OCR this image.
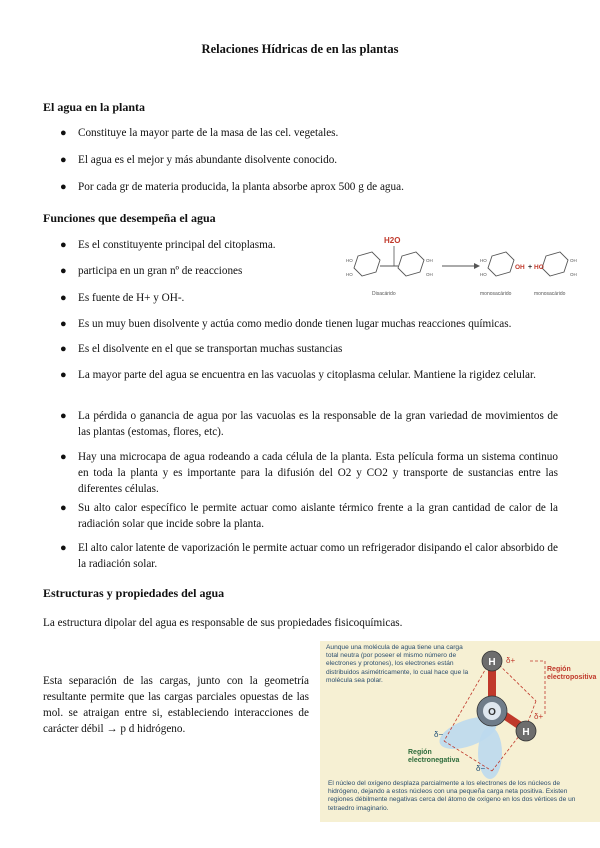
Relaciones Hídricas de en las plantas
El agua en la planta
● Constituye la mayor parte de la masa de las cel. vegetales.
● El agua es el mejor y más abundante disolvente conocido.
● Por cada gr de materia producida, la planta absorbe aprox 500 g de agua.
Funciones que desempeña el agua
● Es el constituyente principal del citoplasma.
● participa en un gran nº de reacciones
● Es fuente de H+ y OH-.
H2O
HO
HO
OH
OH
HO
HO
OH
OH
OH + HO
Disacárido	monosacárido	monosacárido
● Es un muy buen disolvente y actúa como medio donde tienen lugar muchas reacciones químicas.
● Es el disolvente en el que se transportan muchas sustancias
● La mayor parte del agua se encuentra en las vacuolas y citoplasma celular. Mantiene la rigidez celular.
● La pérdida o ganancia de agua por las vacuolas es la responsable de la gran variedad de movimientos de las plantas (estomas, flores, etc).
● Hay una microcapa de agua rodeando a cada célula de la planta. Esta película forma un sistema continuo en toda la planta y es importante para la difusión del O2 y CO2 y transporte de sustancias entre las diferentes células.
● Su alto calor específico le permite actuar como aislante térmico frente a la gran cantidad de calor de la radiación solar que incide sobre la planta.
● El alto calor latente de vaporización le permite actuar como un refrigerador disipando el calor absorbido de la radiación solar.
Estructuras y propiedades del agua
La estructura dipolar del agua es responsable de sus propiedades fisicoquímicas.
Esta separación de las cargas, junto con la geometría resultante permite que las cargas parciales opuestas de las mol. se atraigan entre si, estableciendo interacciones de carácter débil → p d hidrógeno.
Aunque una molécula de agua tiene una carga total neutra (por poseer el mismo número de electrones y protones), los electrones están distribuidos asimétricamente, lo cual hace que la molécula sea polar.
H
O
H
δ+
δ+
δ−
δ−
Región electropositiva
Región electronegativa
El núcleo del oxígeno desplaza parcialmente a los electrones de los núcleos de hidrógeno, dejando a estos núcleos con una pequeña carga neta positiva. Existen regiones débilmente negativas cerca del átomo de oxígeno en los dos vértices de un tetraedro imaginario.
